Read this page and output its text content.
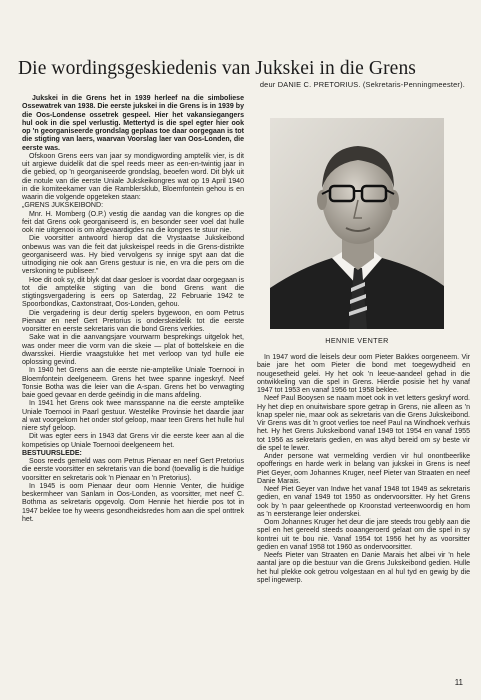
Die wordingsgeskiedenis van Jukskei in die Grens
deur DANIE C. PRETORIUS. (Sekretaris-Penningmeester).

Jukskei in die Grens het in 1939 herleef na die simboliese Ossewatrek van 1938. Die eerste jukskei in die Grens is in 1939 by die Oos-Londense ossetrek gespeel. Hier het vakansiegangers hul ook in die spel verlustig. Mettertyd is die spel egter hier ook op 'n georganiseerde grondslag geplaas toe daar oorgegaan is tot die stigting van laers, waarvan Voorslag laer van Oos-Londen, die eerste was.

Ofskoon Grens eers van jaar sy mondigwording amptelik vier, is dit uit argiewe duidelik dat die spel reeds meer as een-en-twintig jaar in die gebied, op 'n georganiseerde grondslag, beoefen word. Dit blyk uit die notule van die eerste Uniale Jukskeikongres wat op 19 April 1940 in die komiteekamer van die Ramblersklub, Bloemfontein gehou is en waarin die volgende opgeteken staan:

„GRENS JUKSKEIBOND:

Mnr. H. Momberg (O.P.) vestig die aandag van die kongres op die feit dat Grens ook georganiseerd is, en besonder seer voel dat hulle ook nie uitgenooi is om afgevaardigdes na die kongres te stuur nie.

Die voorsitter antwoord hierop dat die Vrystaatse Jukskeibond onbewus was van die feit dat jukskeispel reeds in die Grens-distrikte georganiseerd was. Hy bied vervolgens sy innige spyt aan dat die uitnodiging nie ook aan Grens gestuur is nie, en vra die pers om die verskoning te publiseer.”

Hoe dit ook sy, dit blyk dat daar gesloer is voordat daar oorgegaan is tot die amptelike stigting van die bond Grens want die stigtingsvergadering is eers op Saterdag, 22 Februarie 1942 te Spoorbondkas, Caxtonstraat, Oos-Londen, gehou.

Die vergadering is deur dertig spelers bygewoon, en oom Petrus Pienaar en neef Gert Pretorius is onderskeidelik tot die eerste voorsitter en eerste sekretaris van die bond Grens verkies.

Sake wat in die aanvangsjare vourwarm besprekings uitgelok het, was onder meer die vorm van die skeie — plat of bottelskeie en die dwarsskei. Hierdie vraagstukke het met verloop van tyd hulle eie oplossing gevind.

In 1940 het Grens aan die eerste nie-amptelike Uniale Toernooi in Bloemfontein deelgeneem. Grens het twee spanne ingeskryf. Neef Tonsie Botha was die leier van die A-span. Grens het bo verwagting baie goed gevaar en derde geëindig in die mans afdeling.

In 1941 het Grens ook twee mansspanne na die eerste amptelike Uniale Toernooi in Paarl gestuur. Westelike Provinsie het daardie jaar al wat voorgekom het onder stof geloop, maar teen Grens het hulle hul niere styf geloop.

Dit was egter eers in 1943 dat Grens vir die eerste keer aan al die kompetisies op Uniale Toernooi deelgeneem het.

BESTUURSLEDE:

Soos reeds gemeld was oom Petrus Pienaar en neef Gert Pretorius die eerste voorsitter en sekretaris van die bond (toevallig is die huidige voorsitter en sekretaris ook 'n Pienaar en 'n Pretorius).

In 1945 is oom Pienaar deur oom Hennie Venter, die huidige beskermheer van Sanlam in Oos-Londen, as voorsitter, met neef C. Bothma as sekretaris opgevolg. Oom Hennie het hierdie pos tot in 1947 beklee toe hy weens gesondheidsredes hom aan die spel onttrek het.

HENNIE VENTER

In 1947 word die leisels deur oom Pieter Bakkes oorgeneem. Vir baie jare het oom Pieter die bond met toegewydheid en nougesetheid gelei. Hy het ook 'n leeue-aandeel gehad in die ontwikkeling van die spel in Grens. Hierdie posisie het hy vanaf 1947 tot 1953 en vanaf 1956 tot 1958 beklee.

Neef Paul Booysen se naam moet ook in vet letters geskryf word. Hy het diep en onuitwisbare spore getrap in Grens, nie alleen as 'n knap speler nie, maar ook as sekretaris van die Grens Jukskeibond. Vir Grens was dit 'n groot verlies toe neef Paul na Windhoek verhuis het. Hy het Grens Jukskeibond vanaf 1949 tot 1954 en vanaf 1955 tot 1956 as sekretaris gedien, en was altyd bereid om sy beste vir die spel te lewer.

Ander persone wat vermelding verdien vir hul onontbeerlike opofferings en harde werk in belang van jukskei in Grens is neef Piet Geyer, oom Johannes Kruger, neef Pieter van Straaten en neef Danie Marais.

Neef Piet Geyer van Indwe het vanaf 1948 tot 1949 as sekretaris gedien, en vanaf 1949 tot 1950 as ondervoorsitter. Hy het Grens ook by 'n paar geleenthede op Kroonstad verteenwoordig en hom as 'n eersterange leier onderskei.

Oom Johannes Kruger het deur die jare steeds trou gebly aan die spel en het gereeld steeds ooaangeroerd gelaat om die spel in sy kontrei uit te bou nie. Vanaf 1954 tot 1956 het hy as voorsitter gedien en vanaf 1958 tot 1960 as ondervoorsitter.

Neefs Pieter van Straaten en Danie Marais het albei vir 'n hele aantal jare op die bestuur van die Grens Jukskeibond gedien. Hulle het hul plekke ook getrou volgestaan en al hul tyd en gewig by die spel ingewerp.

11
